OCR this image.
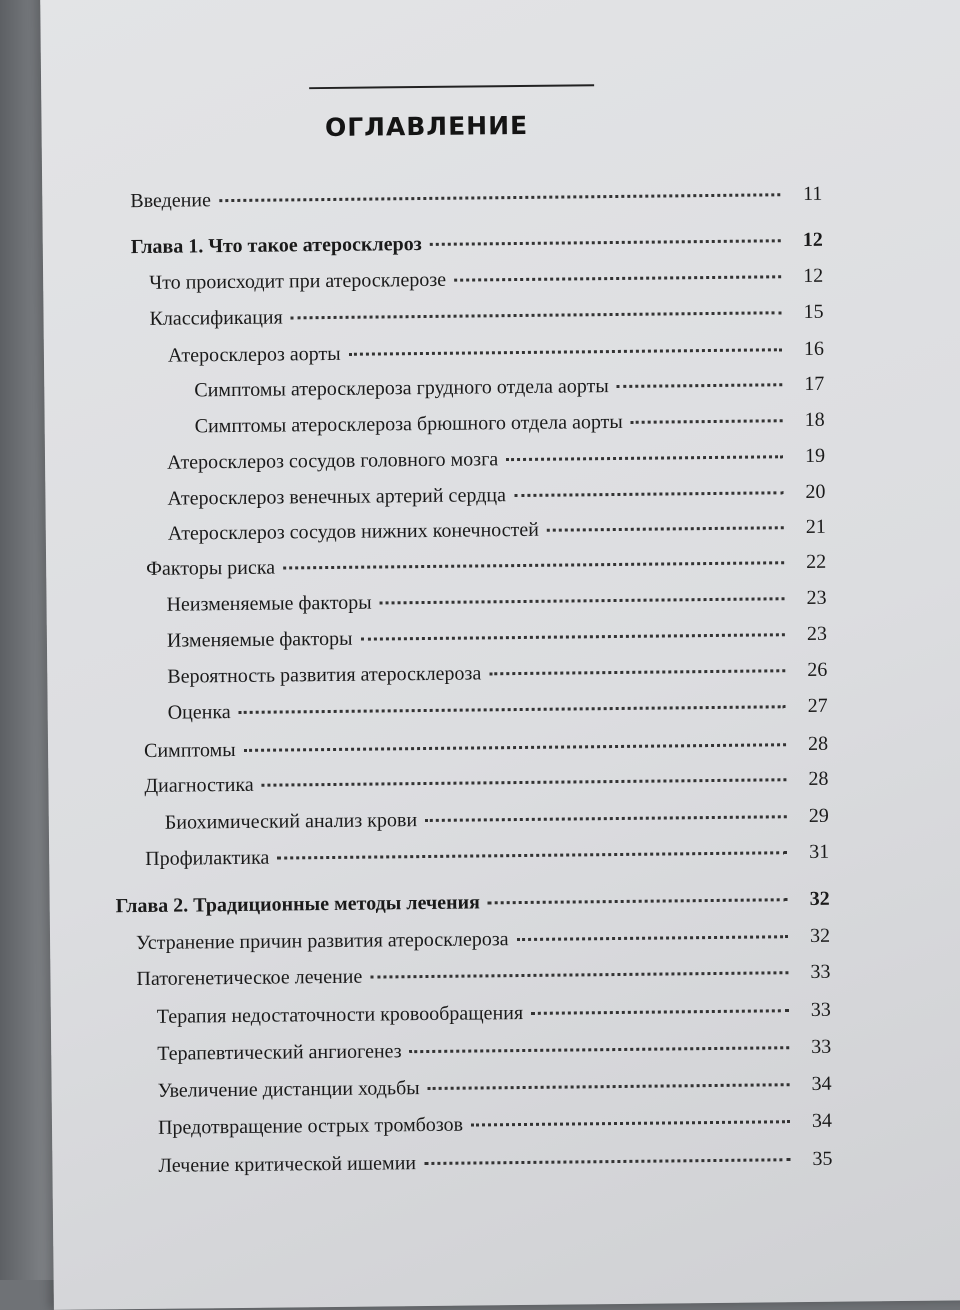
ОГЛАВЛЕНИЕ
Введение	11
Глава 1. Что такое атеросклероз	12
Что происходит при атеросклерозе	12
Классификация	15
Атеросклероз аорты	16
Симптомы атеросклероза грудного отдела аорты	17
Симптомы атеросклероза брюшного отдела аорты	18
Атеросклероз сосудов головного мозга	19
Атеросклероз венечных артерий сердца	20
Атеросклероз сосудов нижних конечностей	21
Факторы риска	22
Неизменяемые факторы	23
Изменяемые факторы	23
Вероятность развития атеросклероза	26
Оценка	27
Симптомы	28
Диагностика	28
Биохимический анализ крови	29
Профилактика	31
Глава 2. Традиционные методы лечения	32
Устранение причин развития атеросклероза	32
Патогенетическое лечение	33
Терапия недостаточности кровообращения	33
Терапевтический ангиогенез	33
Увеличение дистанции ходьбы	34
Предотвращение острых тромбозов	34
Лечение критической ишемии	35
